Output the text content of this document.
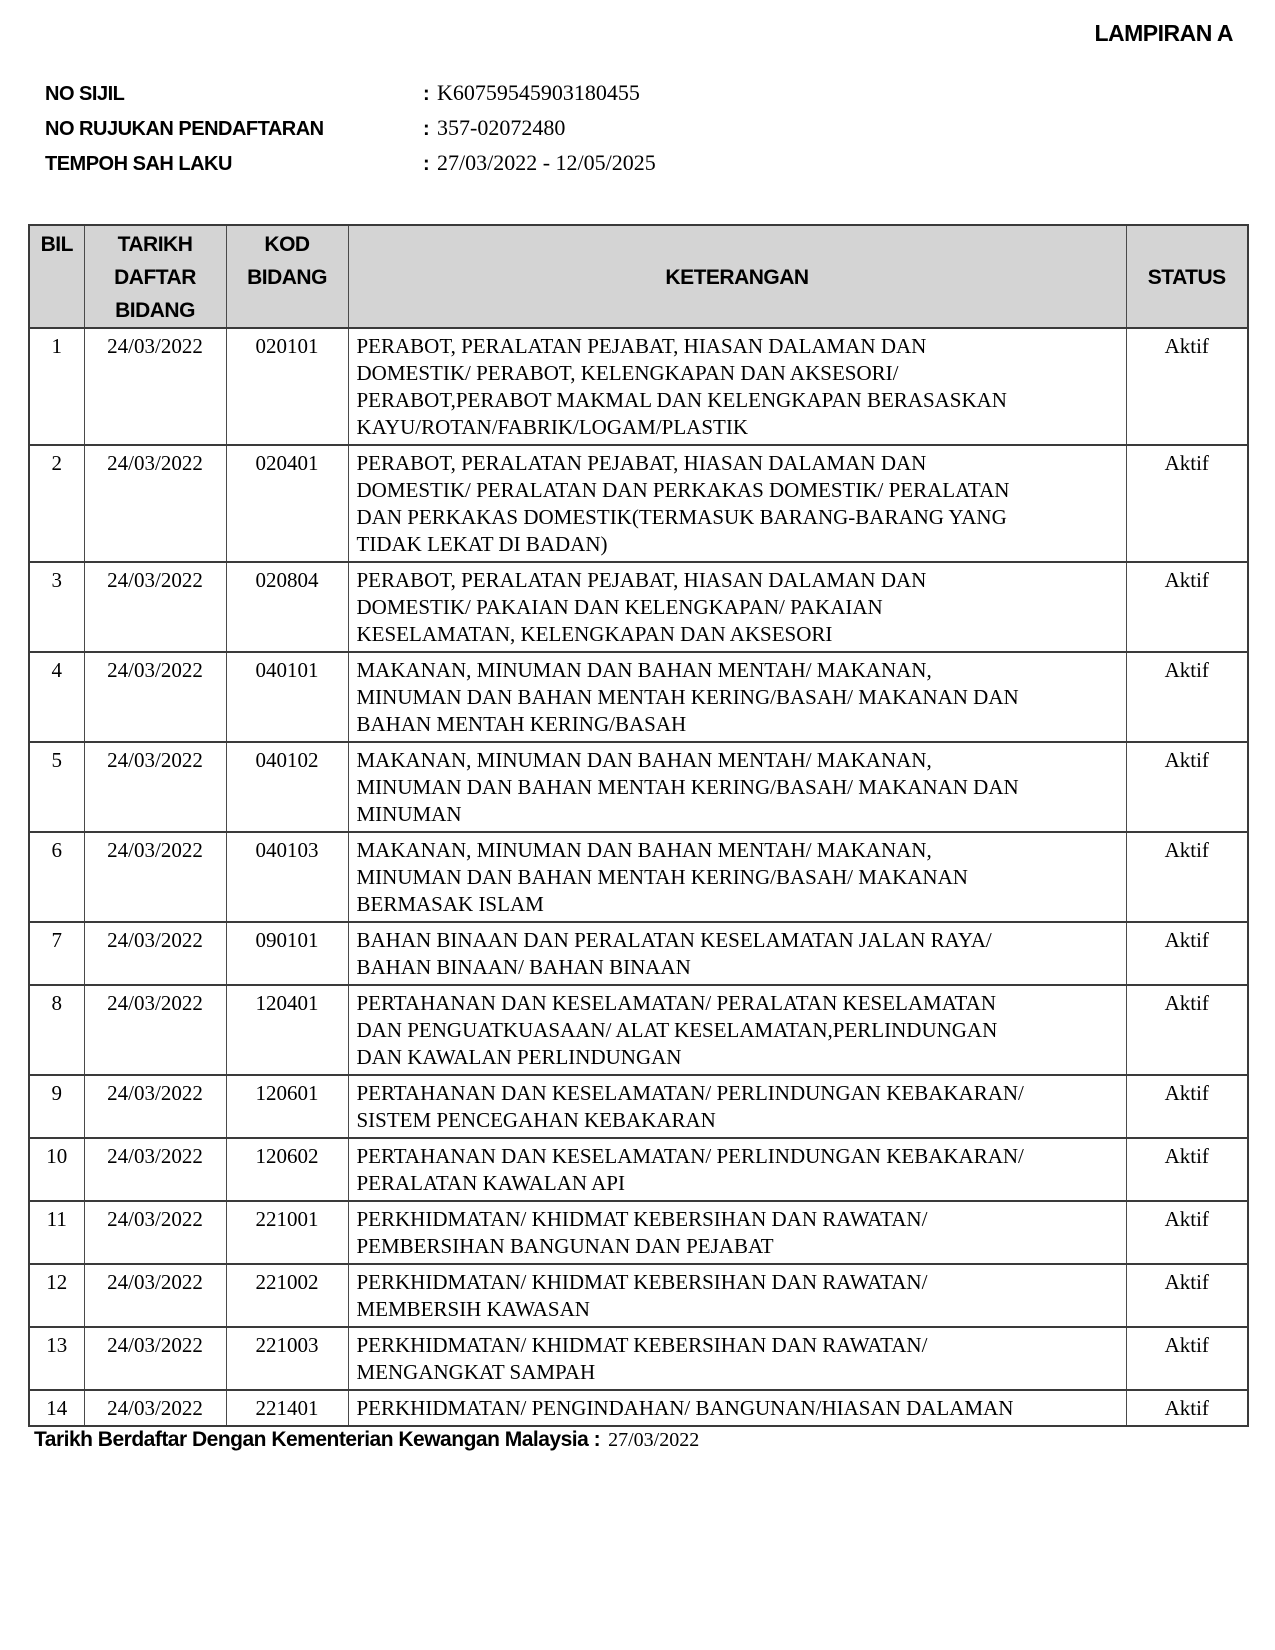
LAMPIRAN A
NO SIJIL	: K60759545903180455
NO RUJUKAN PENDAFTARAN	: 357-02072480
TEMPOH SAH LAKU	: 27/03/2022 - 12/05/2025
BIL	TARIKH DAFTAR BIDANG	KOD BIDANG	KETERANGAN	STATUS
1	24/03/2022	020101	PERABOT, PERALATAN PEJABAT, HIASAN DALAMAN DAN DOMESTIK/ PERABOT, KELENGKAPAN DAN AKSESORI/ PERABOT,PERABOT MAKMAL DAN KELENGKAPAN BERASASKAN KAYU/ROTAN/FABRIK/LOGAM/PLASTIK	Aktif
2	24/03/2022	020401	PERABOT, PERALATAN PEJABAT, HIASAN DALAMAN DAN DOMESTIK/ PERALATAN DAN PERKAKAS DOMESTIK/ PERALATAN DAN PERKAKAS DOMESTIK(TERMASUK BARANG-BARANG YANG TIDAK LEKAT DI BADAN)	Aktif
3	24/03/2022	020804	PERABOT, PERALATAN PEJABAT, HIASAN DALAMAN DAN DOMESTIK/ PAKAIAN DAN KELENGKAPAN/ PAKAIAN KESELAMATAN, KELENGKAPAN DAN AKSESORI	Aktif
4	24/03/2022	040101	MAKANAN, MINUMAN DAN BAHAN MENTAH/ MAKANAN, MINUMAN DAN BAHAN MENTAH KERING/BASAH/ MAKANAN DAN BAHAN MENTAH KERING/BASAH	Aktif
5	24/03/2022	040102	MAKANAN, MINUMAN DAN BAHAN MENTAH/ MAKANAN, MINUMAN DAN BAHAN MENTAH KERING/BASAH/ MAKANAN DAN MINUMAN	Aktif
6	24/03/2022	040103	MAKANAN, MINUMAN DAN BAHAN MENTAH/ MAKANAN, MINUMAN DAN BAHAN MENTAH KERING/BASAH/ MAKANAN BERMASAK ISLAM	Aktif
7	24/03/2022	090101	BAHAN BINAAN DAN PERALATAN KESELAMATAN JALAN RAYA/ BAHAN BINAAN/ BAHAN BINAAN	Aktif
8	24/03/2022	120401	PERTAHANAN DAN KESELAMATAN/ PERALATAN KESELAMATAN DAN PENGUATKUASAAN/ ALAT KESELAMATAN,PERLINDUNGAN DAN KAWALAN PERLINDUNGAN	Aktif
9	24/03/2022	120601	PERTAHANAN DAN KESELAMATAN/ PERLINDUNGAN KEBAKARAN/ SISTEM PENCEGAHAN KEBAKARAN	Aktif
10	24/03/2022	120602	PERTAHANAN DAN KESELAMATAN/ PERLINDUNGAN KEBAKARAN/ PERALATAN KAWALAN API	Aktif
11	24/03/2022	221001	PERKHIDMATAN/ KHIDMAT KEBERSIHAN DAN RAWATAN/ PEMBERSIHAN BANGUNAN DAN PEJABAT	Aktif
12	24/03/2022	221002	PERKHIDMATAN/ KHIDMAT KEBERSIHAN DAN RAWATAN/ MEMBERSIH KAWASAN	Aktif
13	24/03/2022	221003	PERKHIDMATAN/ KHIDMAT KEBERSIHAN DAN RAWATAN/ MENGANGKAT SAMPAH	Aktif
14	24/03/2022	221401	PERKHIDMATAN/ PENGINDAHAN/ BANGUNAN/HIASAN DALAMAN	Aktif
Tarikh Berdaftar Dengan Kementerian Kewangan Malaysia : 27/03/2022
